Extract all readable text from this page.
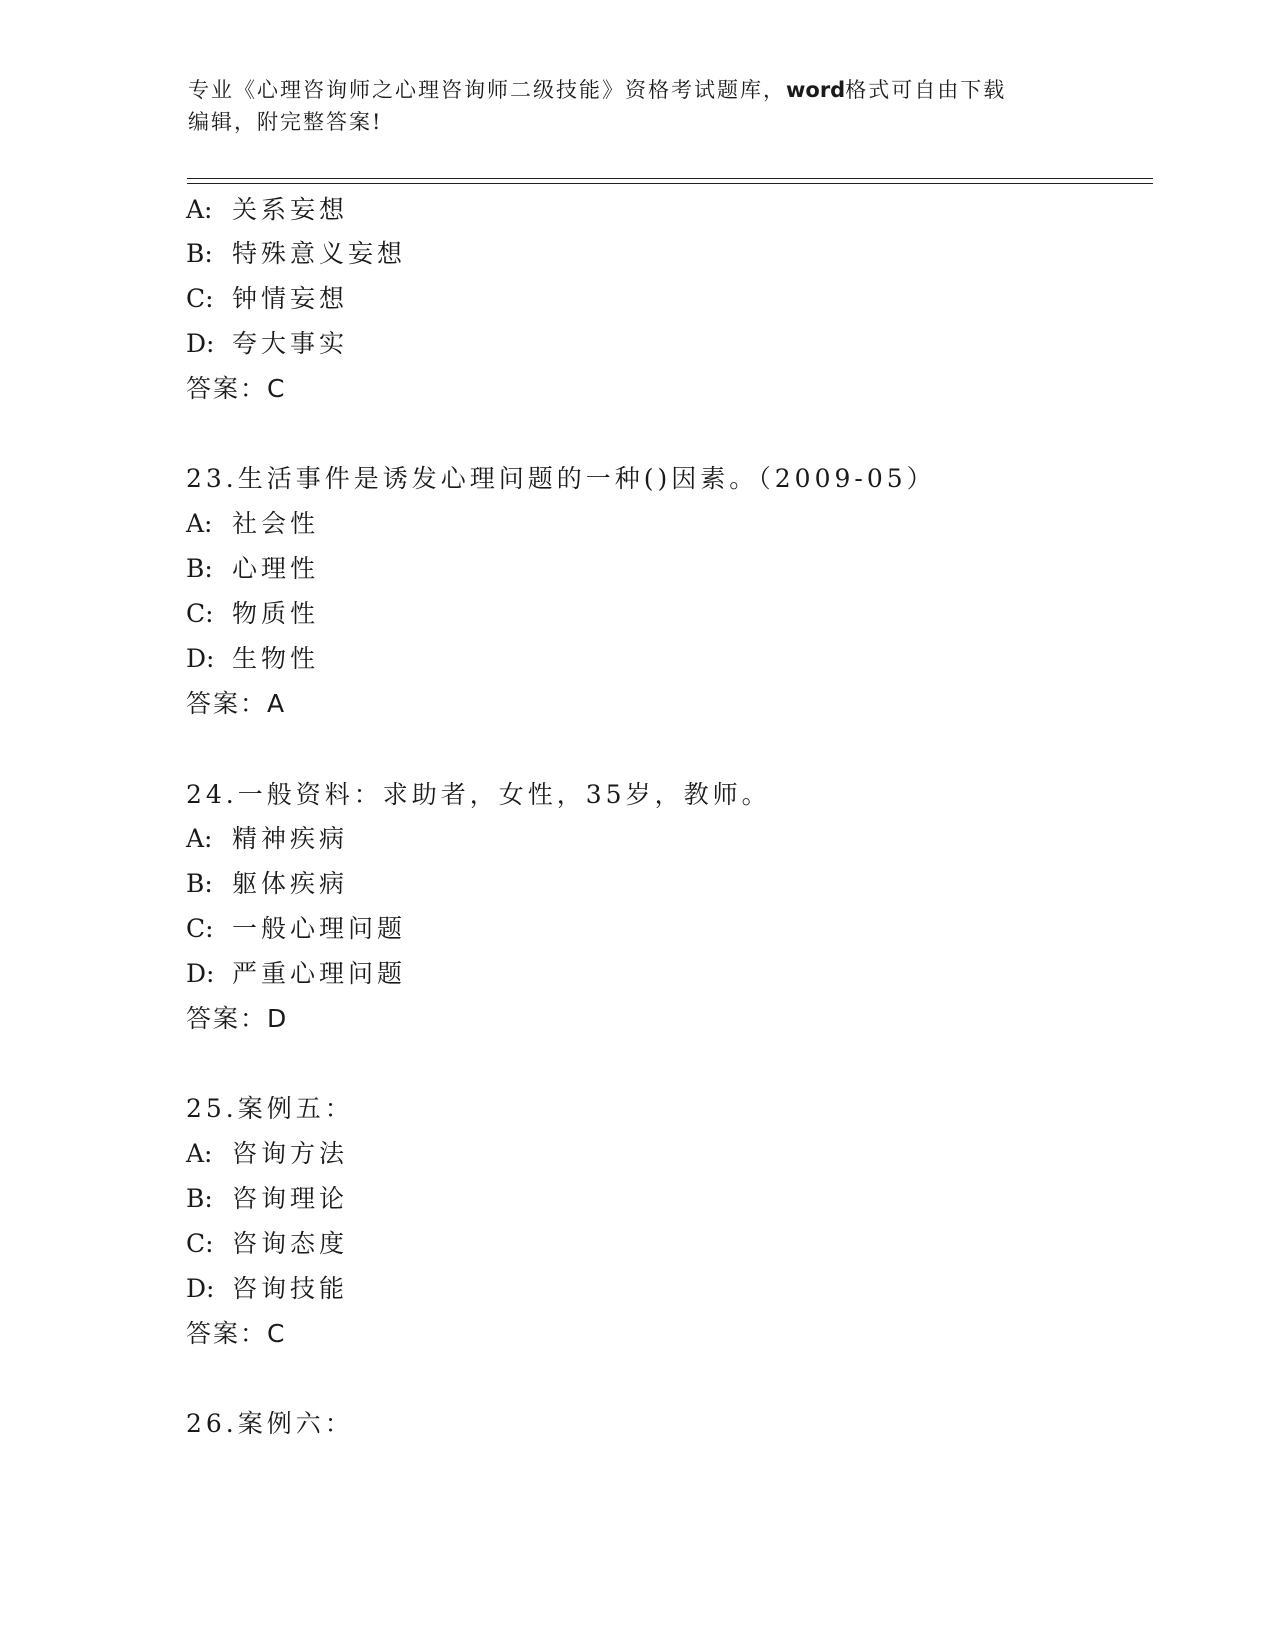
专业《心理咨询师之心理咨询师二级技能》资格考试题库，word格式可自由下载
编辑，附完整答案!
A: 关系妄想
B: 特殊意义妄想
C: 钟情妄想
D: 夸大事实
答案：C
23.生活事件是诱发心理问题的一种()因素。（2009-05）
A: 社会性
B: 心理性
C: 物质性
D: 生物性
答案：A
24.一般资料：求助者，女性，35岁，教师。
A: 精神疾病
B: 躯体疾病
C: 一般心理问题
D: 严重心理问题
答案：D
25.案例五：
A: 咨询方法
B: 咨询理论
C: 咨询态度
D: 咨询技能
答案：C
26.案例六：
